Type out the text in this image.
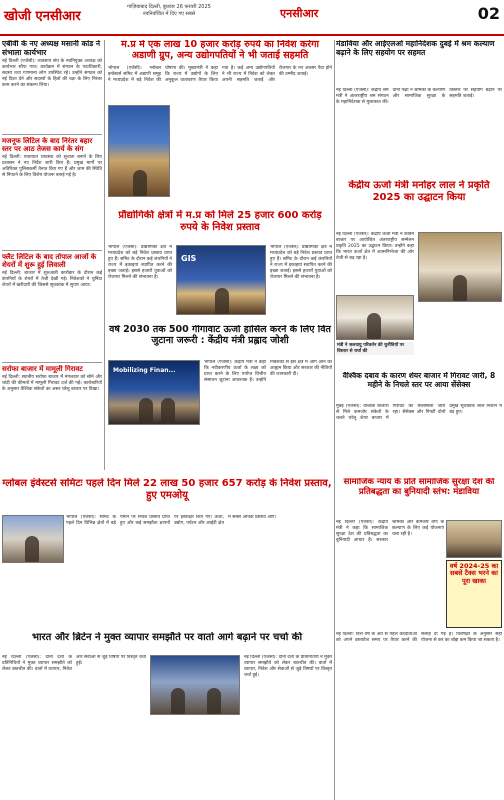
खोजी एनसीआर
गाज़ियाबाद दिल्ली, बुधवार 26 फरवरी 2025
नवनिर्वाचित में दिए गए सबसे	एनसीआर	02
एबीवी के नए अध्यक्ष मसानी कांड ने संभाला कार्यभार
नई दिल्ली (एजेंसी): व्यवसाय संघ के नवनियुक्त अध्यक्ष को कार्यभार सौंपा गया। कार्यक्रम में संगठन के पदाधिकारी, सदस्य तथा गणमान्य लोग उपस्थित रहे। उन्होंने संगठन को नई दिशा देने और सदस्यों के हितों की रक्षा के लिए निरंतर काम करने का संकल्प लिया।
मजनूफ लिटिल के बाद निरंतर बहार स्तर पर आठ तेजस कार्य के संग
नई दिल्ली: यातायात व्यवस्था को सुचारू बनाने के लिए प्रशासन ने नए निर्देश जारी किए हैं। प्रमुख मार्गों पर अतिरिक्त पुलिसकर्मी तैनात किए गए हैं और जाम की स्थिति से निपटने के लिए विशेष योजना बनाई गई है।
फ्लैट लिटिल के बाद तोपाल आजों के शेयरों में शुरू हुई लिवाली
नई दिल्ली: बाजार में शुरुआती कारोबार के दौरान कई कंपनियों के शेयरों में तेजी देखी गई। निवेशकों ने चुनिंदा शेयरों में खरीदारी की जिससे सूचकांक में सुधार आया।
सर्राफा बाजार में मामूली गिरावट
नई दिल्ली: स्थानीय सर्राफा बाजार में मंगलवार को सोने और चांदी की कीमतों में मामूली गिरावट दर्ज की गई। कारोबारियों के अनुसार वैश्विक संकेतों का असर घरेलू बाजार पर दिखा।
म.प्र में एक लाख 10 हजार करोड़ रुपये का निवेश करेगा अडाणी ग्रुप, अन्य उद्योगपतियों ने भी जताई सहमति
भोपाल (एजेंसी): ग्लोबल इन्वेस्टर्स समिट में अडाणी समूह ने मध्यप्रदेश में बड़े निवेश की घोषणा की। मुख्यमंत्री ने कहा कि राज्य में उद्योगों के लिए अनुकूल वातावरण तैयार किया गया है। कई अन्य उद्योगपतियों ने भी राज्य में निवेश को लेकर अपनी सहमति जताई और रोजगार के नए अवसर पैदा होने की उम्मीद जताई।
प्रौद्योगिकी क्षेत्रों में म.प्र को मिले 25 हजार 600 करोड़ रुपये के निवेश प्रस्ताव
भोपाल (एजेंसी): प्रौद्योगिकी क्षेत्र में मध्यप्रदेश को बड़े निवेश प्रस्ताव प्राप्त हुए हैं। समिट के दौरान कई कंपनियों ने राज्य में इकाइयां स्थापित करने की इच्छा जताई। इससे हजारों युवाओं को रोजगार मिलने की संभावना है।
GIS
भोपाल (एजेंसी): प्रौद्योगिकी क्षेत्र में मध्यप्रदेश को बड़े निवेश प्रस्ताव प्राप्त हुए हैं। समिट के दौरान कई कंपनियों ने राज्य में इकाइयां स्थापित करने की इच्छा जताई। इससे हजारों युवाओं को रोजगार मिलने की संभावना है।
वर्ष 2030 तक 500 गीगावाट ऊर्जा हासिल करने के लिए वित जुटाना जरूरी : केंद्रीय मंत्री प्रह्लाद जोशी
Mobilizing Finan...
भोपाल (एजेंसी): केंद्रीय मंत्री ने कहा कि नवीकरणीय ऊर्जा के लक्ष्य को प्राप्त करने के लिए पर्याप्त वित्तीय संसाधन जुटाना आवश्यक है। उन्होंने निवेशकों से इस क्षेत्र में आगे आने का आह्वान किया और सरकार की नीतियों की जानकारी दी।
ग्लोबल इंवेस्टर्स समिटः पहले दिन मिले 22 लाख 50 हजार 657 करोड़ के निवेश प्रस्ताव, हुए एमओयू
भोपाल (एजेंसी): समिट के पहले दिन विभिन्न क्षेत्रों में बड़े पैमाने पर निवेश प्रस्ताव प्राप्त हुए और कई समझौता ज्ञापनों पर हस्ताक्षर किए गए। ऊर्जा, उद्योग, पर्यटन और आईटी क्षेत्र में सबसे अधिक प्रस्ताव आए।
भारत और ब्रिटेन ने मुक्त व्यापार समझौते पर वार्ता आगे बढ़ाने पर चर्चा की
नई दिल्ली (एजेंसी): दोनों देशों के प्रतिनिधियों ने मुक्त व्यापार समझौते को लेकर बातचीत की। वार्ता में व्यापार, निवेश और सेवाओं से जुड़े विषयों पर विस्तृत चर्चा हुई।
नई दिल्ली (एजेंसी): दोनों देशों के प्रतिनिधियों ने मुक्त व्यापार समझौते को लेकर बातचीत की। वार्ता में व्यापार, निवेश और सेवाओं से जुड़े विषयों पर विस्तृत चर्चा हुई।
सामाजिक न्याय के प्रति सामाजिक सुरक्षा देश की प्रतिबद्धता का बुनियादी स्तंभ: मंडाविया
नई दिल्ली (एजेंसी): केंद्रीय मंत्री ने कहा कि सामाजिक सुरक्षा देश की प्रतिबद्धता का बुनियादी आधार है। सरकार श्रमिकों और कमजोर वर्गों के कल्याण के लिए कई योजनाएं चला रही है।
मंडाविया और आईएलओ महानिदेशक दुबई में श्रम कल्याण बढ़ाने के लिए सहयोग पर सहमत
नई दिल्ली (एजेंसी): केंद्रीय श्रम मंत्री ने अंतरराष्ट्रीय श्रम संगठन के महानिदेशक से मुलाकात की। दोनों पक्षों ने श्रमिकों के कल्याण और सामाजिक सुरक्षा के विस्तार पर सहयोग बढ़ाने पर सहमति जताई।
केंद्रीय ऊर्जा मंत्री मनोहर लाल ने प्रकृति 2025 का उद्घाटन किया
नई दिल्ली (एजेंसी): केंद्रीय ऊर्जा मंत्री ने कार्बन बाजार पर आयोजित अंतरराष्ट्रीय सम्मेलन प्रकृति 2025 का उद्घाटन किया। उन्होंने कहा कि भारत ऊर्जा क्षेत्र में आत्मनिर्भरता की ओर तेजी से बढ़ रहा है।
मंत्री ने जलवायु परिवर्तन की चुनौतियों पर विस्तार से चर्चा की
वैश्विक दबाव के कारण शेयर बाजार में गिरावट जारी, 8 महीने के निचले स्तर पर आया सेंसेक्स
मुंबई (एजेंसी): वैश्विक बाजारों से मिले कमजोर संकेतों के चलते घरेलू शेयर बाजार में गिरावट का सिलसिला जारी रहा। सेंसेक्स और निफ्टी दोनों प्रमुख सूचकांक लाल निशान में बंद हुए।
वर्ष 2024-25 का सबसे टैक्स भरने का पूरा खाका
नई दिल्ली: वित्त वर्ष के अंत से पहले करदाताओं को अपने दस्तावेज समय पर तैयार करने की सलाह दी गई है। विशेषज्ञों के अनुसार सही योजना से कर का बोझ कम किया जा सकता है।
